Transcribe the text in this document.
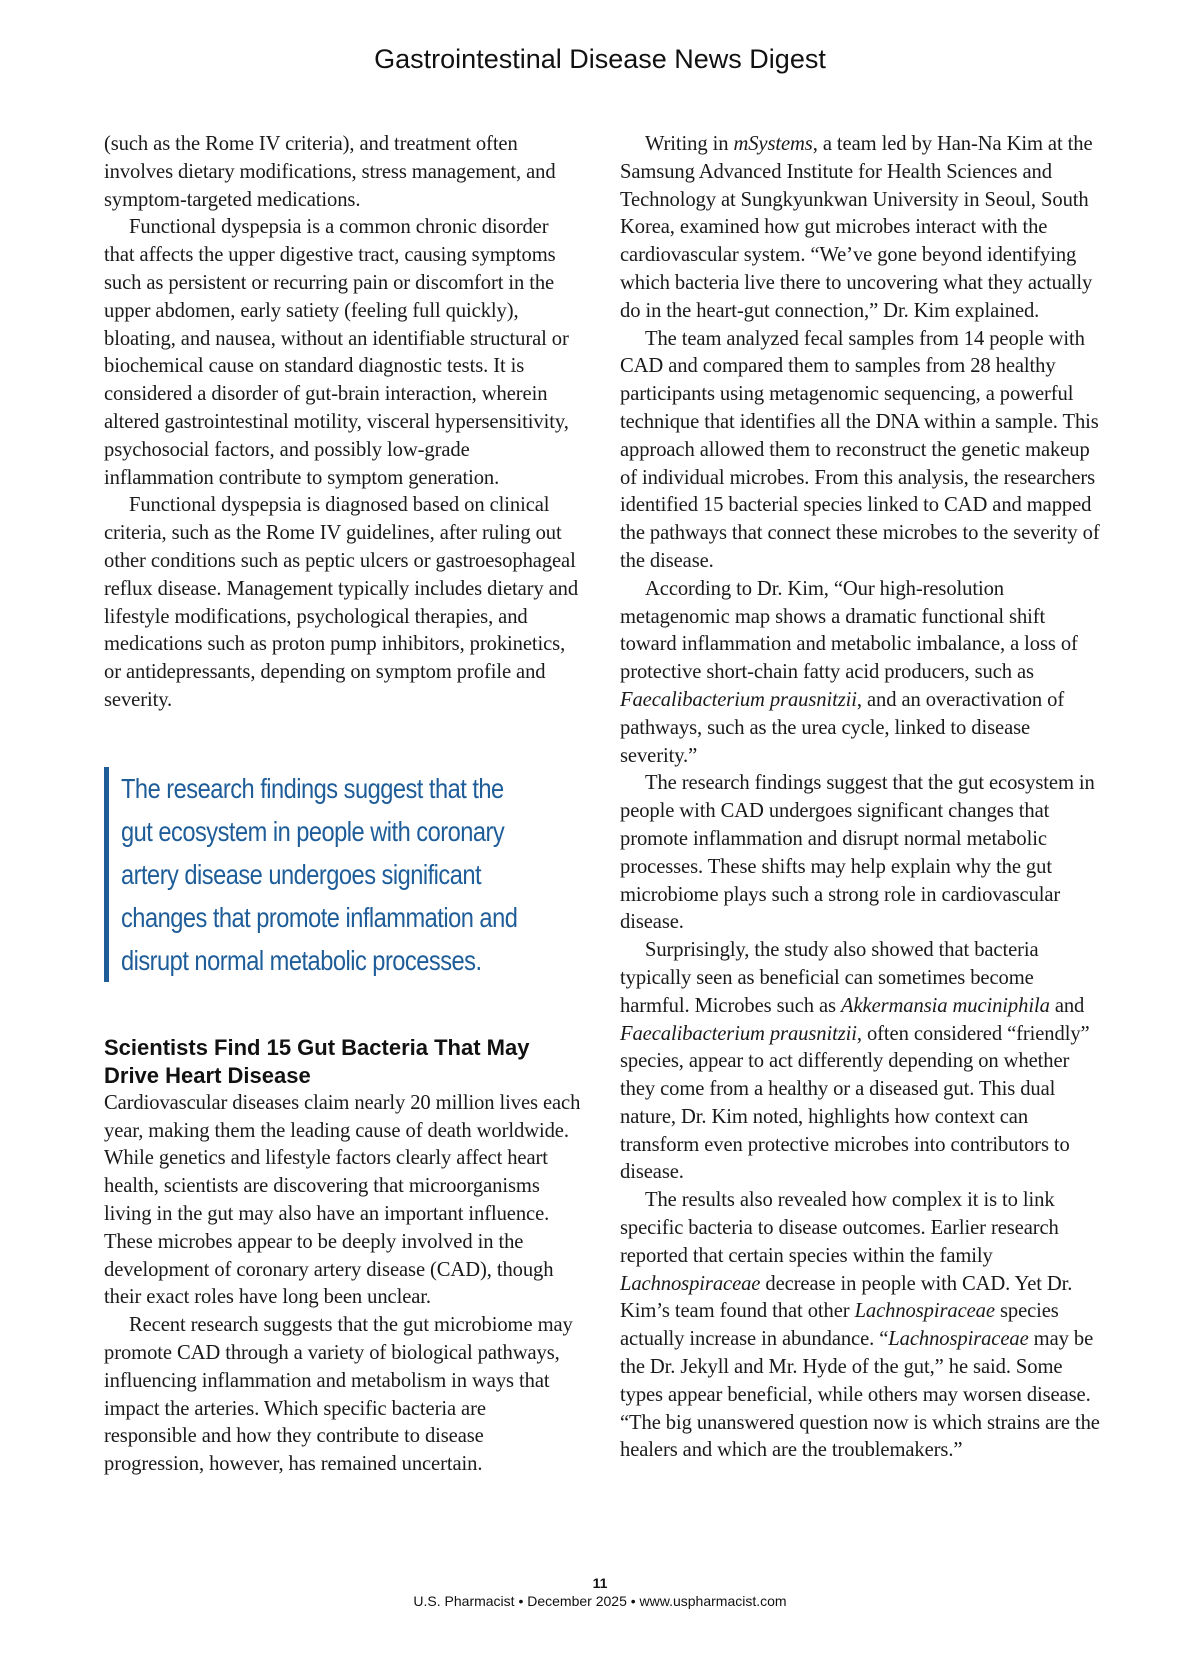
Gastrointestinal Disease News Digest

(such as the Rome IV criteria), and treatment often involves dietary modifications, stress management, and symptom-targeted medications.

Functional dyspepsia is a common chronic disorder that affects the upper digestive tract, causing symptoms such as persistent or recurring pain or discomfort in the upper abdomen, early satiety (feeling full quickly), bloating, and nausea, without an identifiable structural or biochemical cause on standard diagnostic tests. It is considered a disorder of gut-brain interaction, wherein altered gastrointestinal motility, visceral hypersensitivity, psychosocial factors, and possibly low-grade inflammation contribute to symptom generation.

Functional dyspepsia is diagnosed based on clinical criteria, such as the Rome IV guidelines, after ruling out other conditions such as peptic ulcers or gastroesophageal reflux disease. Management typically includes dietary and lifestyle modifications, psychological therapies, and medications such as proton pump inhibitors, prokinetics, or antidepressants, depending on symptom profile and severity.

The research findings suggest that the gut ecosystem in people with coronary artery disease undergoes significant changes that promote inflammation and disrupt normal metabolic processes.

Scientists Find 15 Gut Bacteria That May Drive Heart Disease

Cardiovascular diseases claim nearly 20 million lives each year, making them the leading cause of death worldwide. While genetics and lifestyle factors clearly affect heart health, scientists are discovering that microorganisms living in the gut may also have an important influence. These microbes appear to be deeply involved in the development of coronary artery disease (CAD), though their exact roles have long been unclear.

Recent research suggests that the gut microbiome may promote CAD through a variety of biological pathways, influencing inflammation and metabolism in ways that impact the arteries. Which specific bacteria are responsible and how they contribute to disease progression, however, has remained uncertain.

Writing in mSystems, a team led by Han-Na Kim at the Samsung Advanced Institute for Health Sciences and Technology at Sungkyunkwan University in Seoul, South Korea, examined how gut microbes interact with the cardiovascular system. “We’ve gone beyond identifying which bacteria live there to uncovering what they actually do in the heart-gut connection,” Dr. Kim explained.

The team analyzed fecal samples from 14 people with CAD and compared them to samples from 28 healthy participants using metagenomic sequencing, a powerful technique that identifies all the DNA within a sample. This approach allowed them to reconstruct the genetic makeup of individual microbes. From this analysis, the researchers identified 15 bacterial species linked to CAD and mapped the pathways that connect these microbes to the severity of the disease.

According to Dr. Kim, “Our high-resolution metagenomic map shows a dramatic functional shift toward inflammation and metabolic imbalance, a loss of protective short-chain fatty acid producers, such as Faecalibacterium prausnitzii, and an overactivation of pathways, such as the urea cycle, linked to disease severity.”

The research findings suggest that the gut ecosystem in people with CAD undergoes significant changes that promote inflammation and disrupt normal metabolic processes. These shifts may help explain why the gut microbiome plays such a strong role in cardiovascular disease.

Surprisingly, the study also showed that bacteria typically seen as beneficial can sometimes become harmful. Microbes such as Akkermansia muciniphila and Faecalibacterium prausnitzii, often considered “friendly” species, appear to act differently depending on whether they come from a healthy or a diseased gut. This dual nature, Dr. Kim noted, highlights how context can transform even protective microbes into contributors to disease.

The results also revealed how complex it is to link specific bacteria to disease outcomes. Earlier research reported that certain species within the family Lachnospiraceae decrease in people with CAD. Yet Dr. Kim’s team found that other Lachnospiraceae species actually increase in abundance. “Lachnospiraceae may be the Dr. Jekyll and Mr. Hyde of the gut,” he said. Some types appear beneficial, while others may worsen disease. “The big unanswered question now is which strains are the healers and which are the troublemakers.”

11
U.S. Pharmacist • December 2025 • www.uspharmacist.com
